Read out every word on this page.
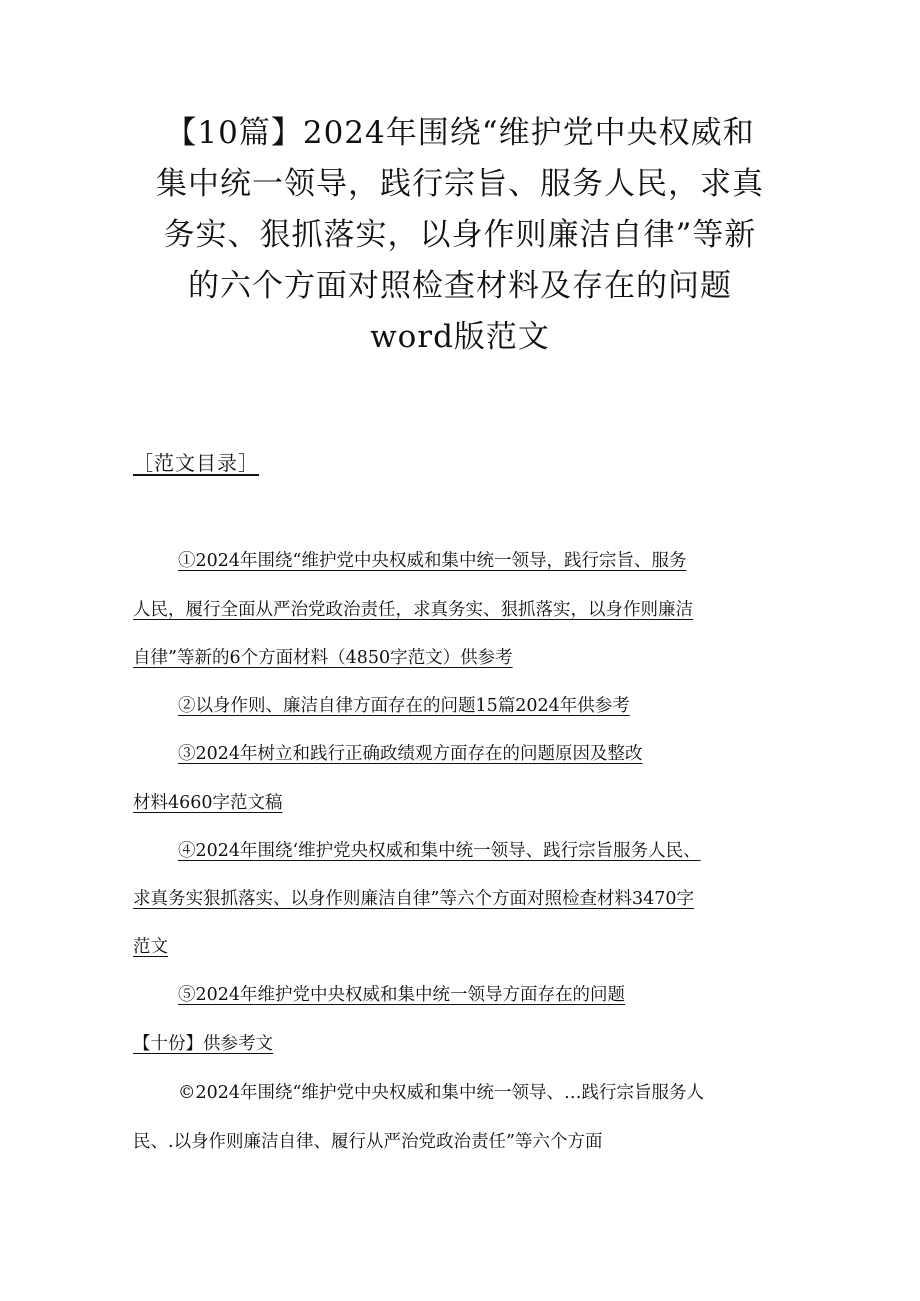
【10篇】2024年围绕“维护党中央权威和
集中统一领导，践行宗旨、服务人民，求真
务实、狠抓落实，以身作则廉洁自律”等新
的六个方面对照检查材料及存在的问题
word版范文
［范文目录］
①2024年围绕“维护党中央权威和集中统一领导，践行宗旨、服务
人民，履行全面从严治党政治责任，求真务实、狠抓落实，以身作则廉洁
自律”等新的6个方面材料（4850字范文）供参考
②以身作则、廉洁自律方面存在的问题15篇2024年供参考
③2024年树立和践行正确政绩观方面存在的问题原因及整改
材料4660字范文稿
④2024年围绕‘维护党央权威和集中统一领导、践行宗旨服务人民、
求真务实狠抓落实、以身作则廉洁自律”等六个方面对照检查材料3470字
范文
⑤2024年维护党中央权威和集中统一领导方面存在的问题
【十份】供参考文
©2024年围绕“维护党中央权威和集中统一领导、…践行宗旨服务人
民、.以身作则廉洁自律、履行从严治党政治责任”等六个方面
